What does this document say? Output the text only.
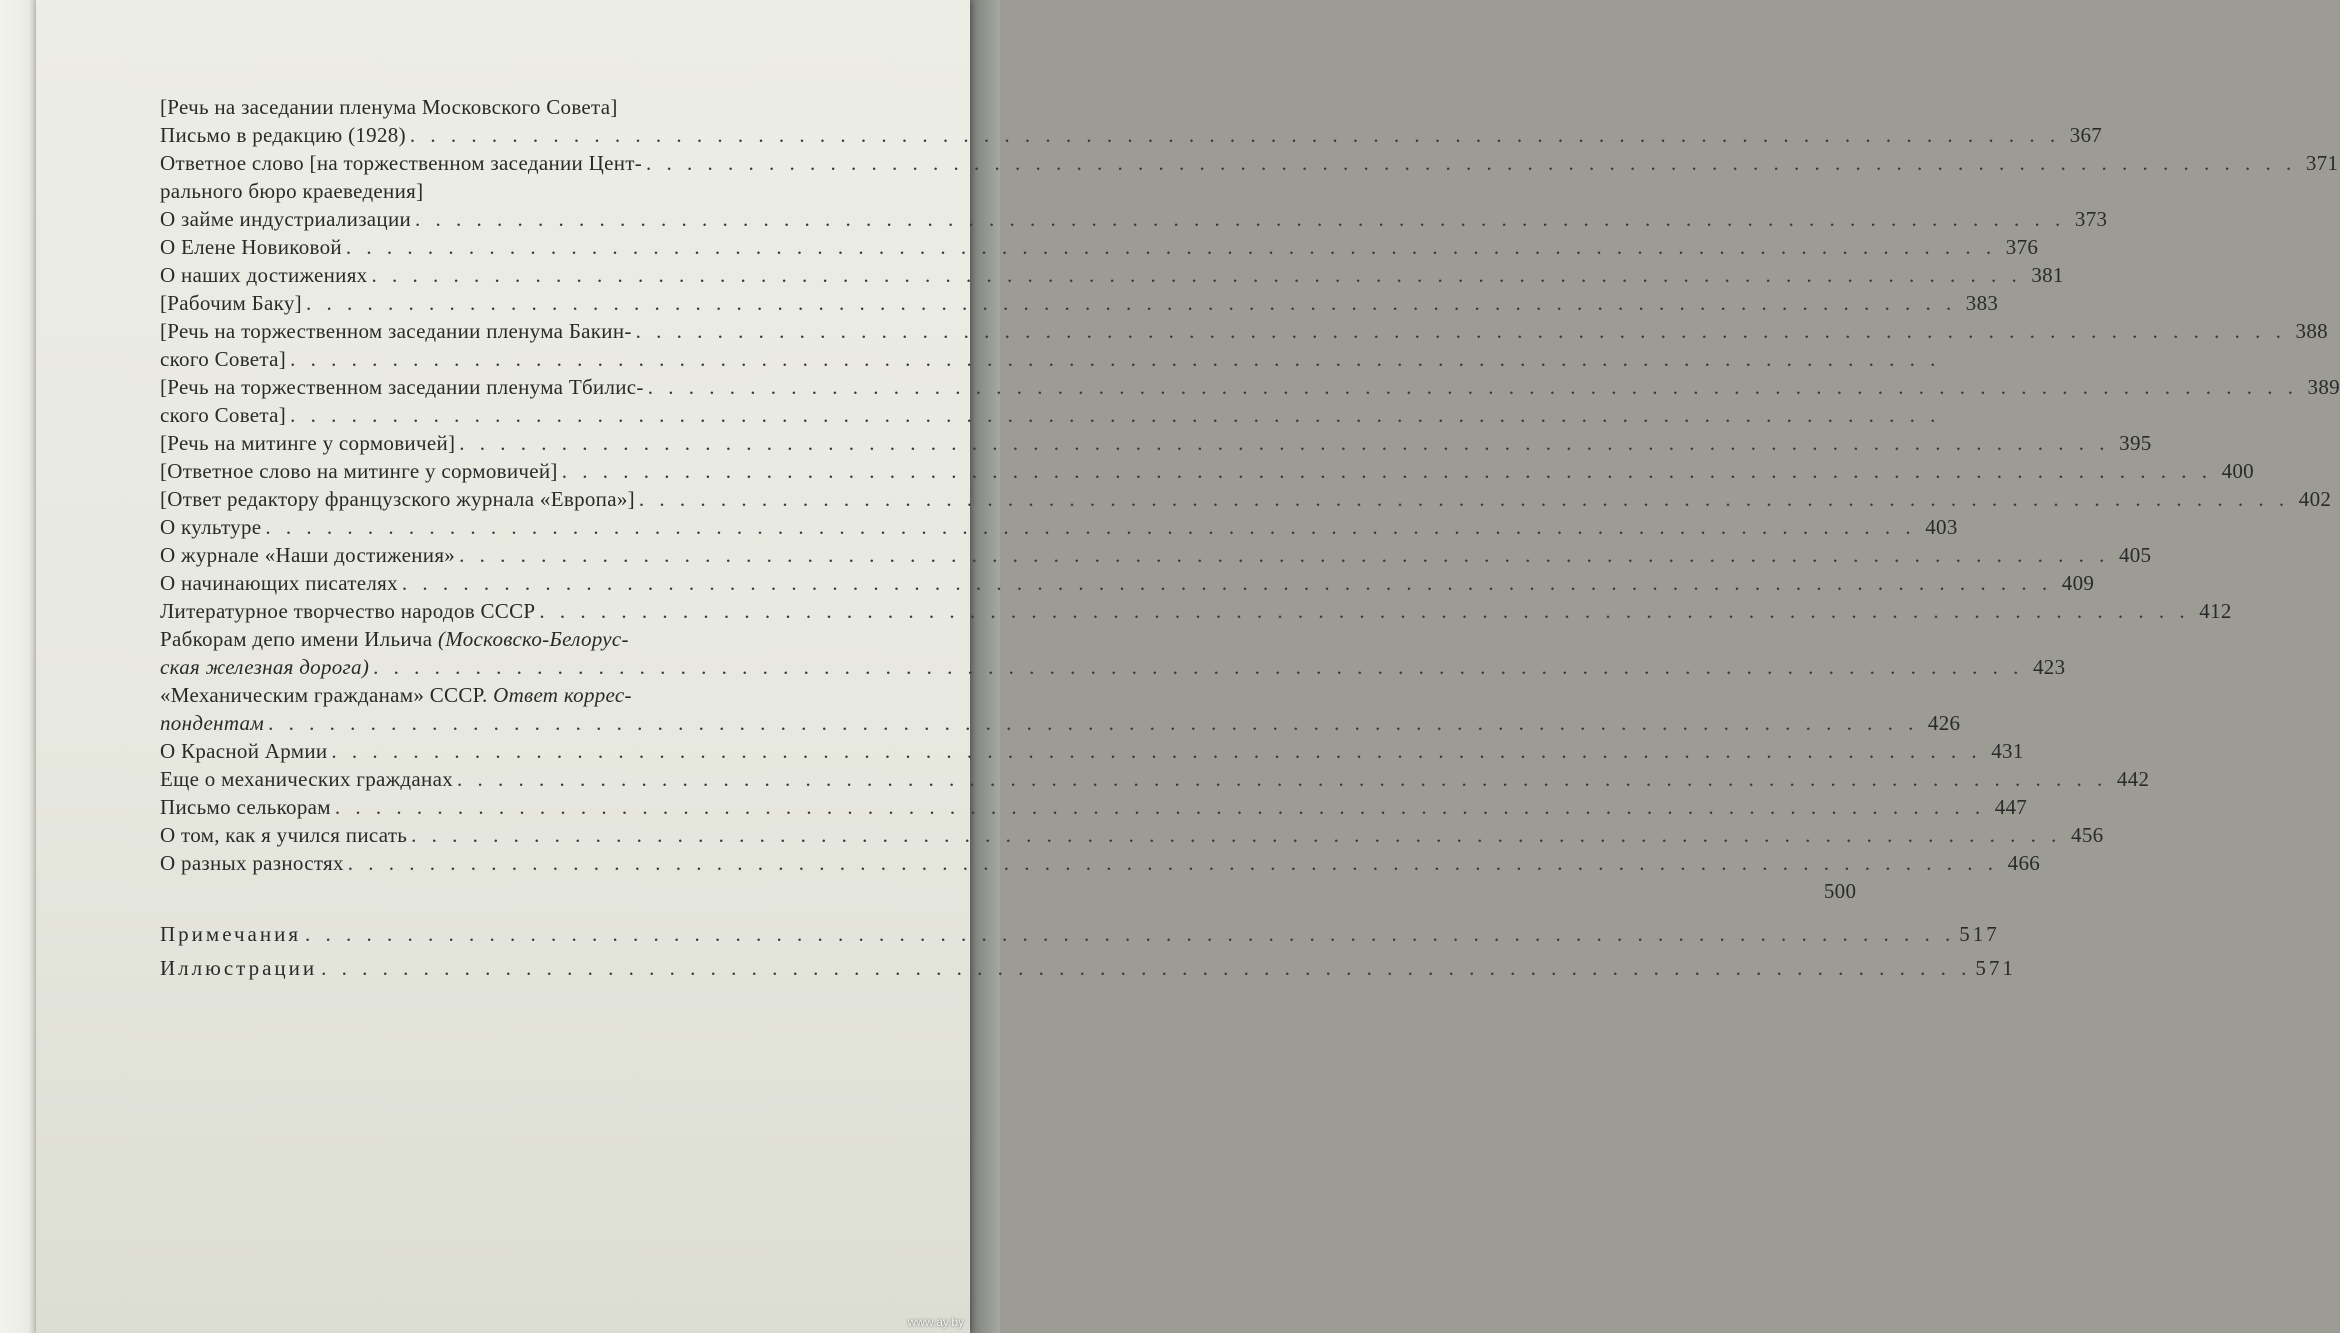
[Речь на заседании пленума Московского Совета]
Письмо в редакцию (1928) . . .	367
Ответное слово [на торжественном заседании Цент- . . .	371
рального бюро краеведения]
О займе индустриализации . . .	373
О Елене Новиковой . . .	376
О наших достижениях . . .	381
[Рабочим Баку] . . .	383
[Речь на торжественном заседании пленума Бакин- . . .	388
ского Совета]
. . .
[Речь на торжественном заседании пленума Тбилис- . . .	389
ского Совета]
. . .
[Речь на митинге у сормовичей] . . .	395
[Ответное слово на митинге у сормовичей] . . .	400
[Ответ редактору французского журнала «Европа»] . . .	402
О культуре . . .	403
О журнале «Наши достижения» . . .	405
О начинающих писателях . . .	409
Литературное творчество народов СССР . . .	412
Рабкорам депо имени Ильича (Московско-Белорус-
ская железная дорога) . . .	423
«Механическим гражданам» СССР. Ответ коррес-
пондентам . . .	426
О Красной Армии . . .	431
Еще о механических гражданах . . .	442
Письмо селькорам . . .	447
О том, как я учился писать . . .	456
О разных разностях . . .	466
500
Примечания . . .	517
Иллюстрации . . .	571
www.ay.by
